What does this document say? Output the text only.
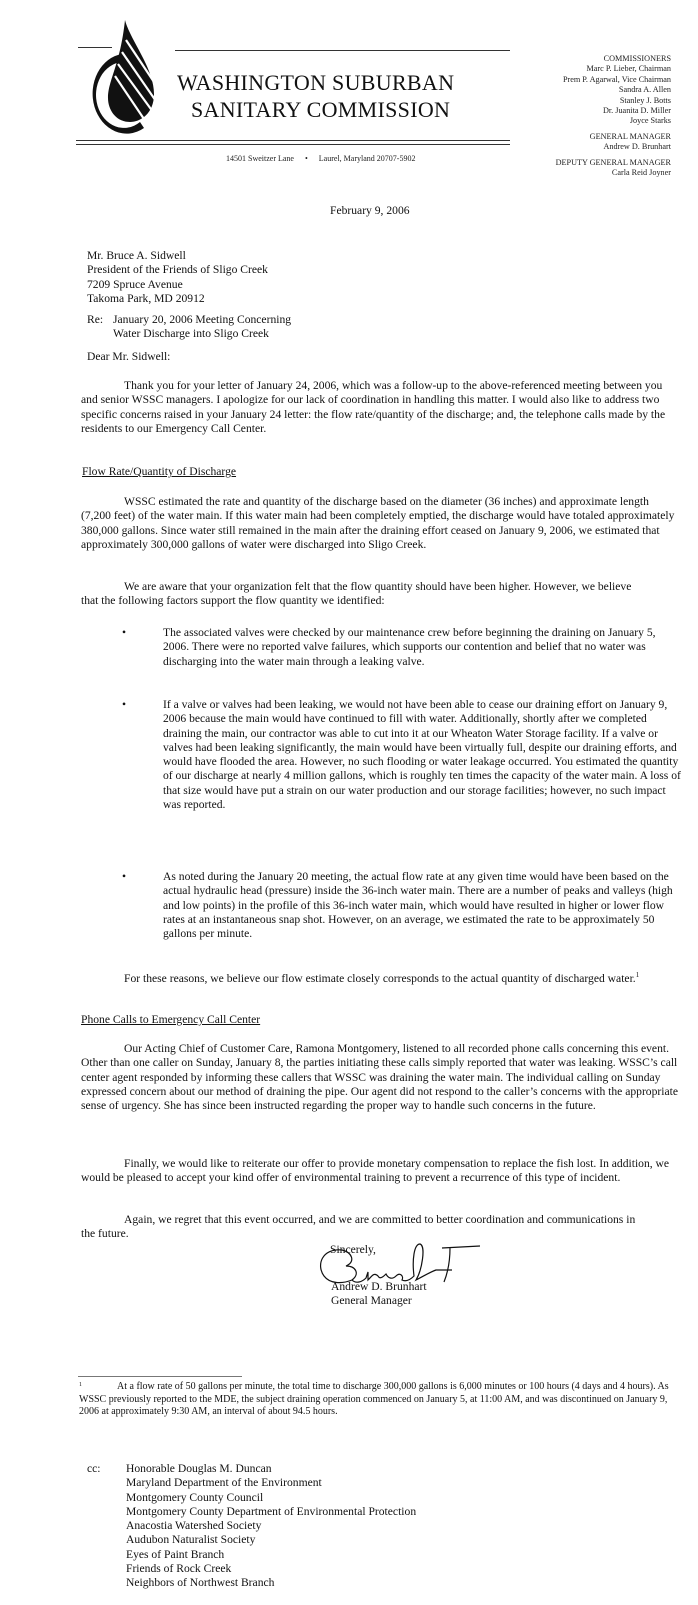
WASHINGTON SUBURBAN
SANITARY COMMISSION
14501 Sweitzer Lane • Laurel, Maryland 20707-5902
COMMISSIONERS
Marc P. Lieber, Chairman
Prem P. Agarwal, Vice Chairman
Sandra A. Allen
Stanley J. Botts
Dr. Juanita D. Miller
Joyce Starks
GENERAL MANAGER
Andrew D. Brunhart
DEPUTY GENERAL MANAGER
Carla Reid Joyner
February 9, 2006
Mr. Bruce A. Sidwell
President of the Friends of Sligo Creek
7209 Spruce Avenue
Takoma Park, MD 20912
Re: January 20, 2006 Meeting Concerning
Water Discharge into Sligo Creek
Dear Mr. Sidwell:
Thank you for your letter of January 24, 2006, which was a follow-up to the above-referenced meeting between you and senior WSSC managers. I apologize for our lack of coordination in handling this matter. I would also like to address two specific concerns raised in your January 24 letter: the flow rate/quantity of the discharge; and, the telephone calls made by the residents to our Emergency Call Center.
Flow Rate/Quantity of Discharge
WSSC estimated the rate and quantity of the discharge based on the diameter (36 inches) and approximate length (7,200 feet) of the water main. If this water main had been completely emptied, the discharge would have totaled approximately 380,000 gallons. Since water still remained in the main after the draining effort ceased on January 9, 2006, we estimated that approximately 300,000 gallons of water were discharged into Sligo Creek.
We are aware that your organization felt that the flow quantity should have been higher. However, we believe that the following factors support the flow quantity we identified:
•	The associated valves were checked by our maintenance crew before beginning the draining on January 5, 2006. There were no reported valve failures, which supports our contention and belief that no water was discharging into the water main through a leaking valve.
•	If a valve or valves had been leaking, we would not have been able to cease our draining effort on January 9, 2006 because the main would have continued to fill with water. Additionally, shortly after we completed draining the main, our contractor was able to cut into it at our Wheaton Water Storage facility. If a valve or valves had been leaking significantly, the main would have been virtually full, despite our draining efforts, and would have flooded the area. However, no such flooding or water leakage occurred. You estimated the quantity of our discharge at nearly 4 million gallons, which is roughly ten times the capacity of the water main. A loss of that size would have put a strain on our water production and our storage facilities; however, no such impact was reported.
•	As noted during the January 20 meeting, the actual flow rate at any given time would have been based on the actual hydraulic head (pressure) inside the 36-inch water main. There are a number of peaks and valleys (high and low points) in the profile of this 36-inch water main, which would have resulted in higher or lower flow rates at an instantaneous snap shot. However, on an average, we estimated the rate to be approximately 50 gallons per minute.
For these reasons, we believe our flow estimate closely corresponds to the actual quantity of discharged water.$^1$
Phone Calls to Emergency Call Center
Our Acting Chief of Customer Care, Ramona Montgomery, listened to all recorded phone calls concerning this event. Other than one caller on Sunday, January 8, the parties initiating these calls simply reported that water was leaking. WSSC’s call center agent responded by informing these callers that WSSC was draining the water main. The individual calling on Sunday expressed concern about our method of draining the pipe. Our agent did not respond to the caller’s concerns with the appropriate sense of urgency. She has since been instructed regarding the proper way to handle such concerns in the future.
Finally, we would like to reiterate our offer to provide monetary compensation to replace the fish lost. In addition, we would be pleased to accept your kind offer of environmental training to prevent a recurrence of this type of incident.
Again, we regret that this event occurred, and we are committed to better coordination and communications in the future.
Sincerely,
Andrew D. Brunhart
General Manager
1	At a flow rate of 50 gallons per minute, the total time to discharge 300,000 gallons is 6,000 minutes or 100 hours (4 days and 4 hours). As WSSC previously reported to the MDE, the subject draining operation commenced on January 5, at 11:00 AM, and was discontinued on January 9, 2006 at approximately 9:30 AM, an interval of about 94.5 hours.
cc: Honorable Douglas M. Duncan
Maryland Department of the Environment
Montgomery County Council
Montgomery County Department of Environmental Protection
Anacostia Watershed Society
Audubon Naturalist Society
Eyes of Paint Branch
Friends of Rock Creek
Neighbors of Northwest Branch
